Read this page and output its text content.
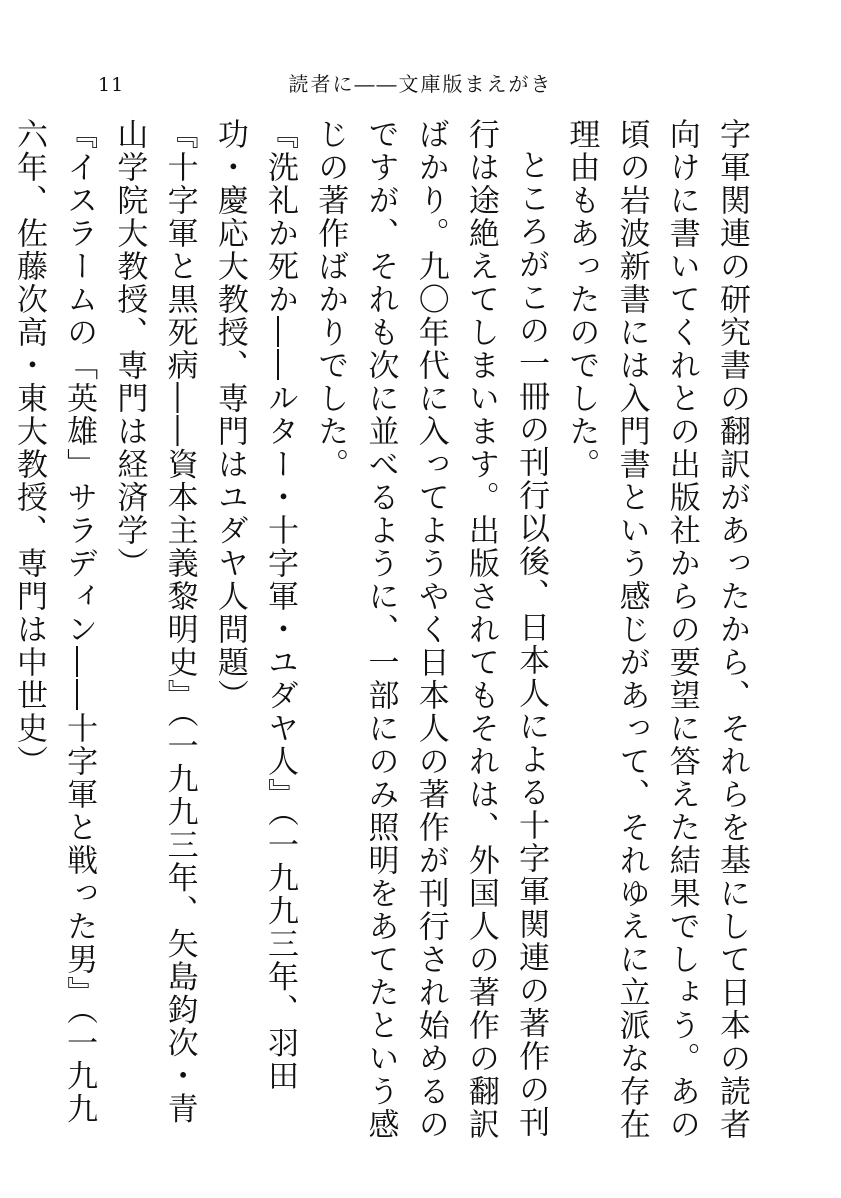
11	読者に――文庫版まえがき

字軍関連の研究書の翻訳があったから、それらを基にして日本の読者向けに書いてくれとの出版社からの要望に答えた結果でしょう。あの頃の岩波新書には入門書という感じがあって、それゆえに立派な存在理由もあったのでした。

ところがこの一冊の刊行以後、日本人による十字軍関連の著作の刊行は途絶えてしまいます。出版されてもそれは、外国人の著作の翻訳ばかり。九〇年代に入ってようやく日本人の著作が刊行され始めるのですが、それも次に並べるように、一部にのみ照明をあてたという感じの著作ばかりでした。

『洗礼か死か――ルター・十字軍・ユダヤ人』（一九九三年、羽田功・慶応大教授、専門はユダヤ人問題）

『十字軍と黒死病――資本主義黎明史』（一九九三年、矢島鈞次・青山学院大教授、専門は経済学）

『イスラームの「英雄」サラディン――十字軍と戦った男』（一九九六年、佐藤次高・東大教授、専門は中世史）
